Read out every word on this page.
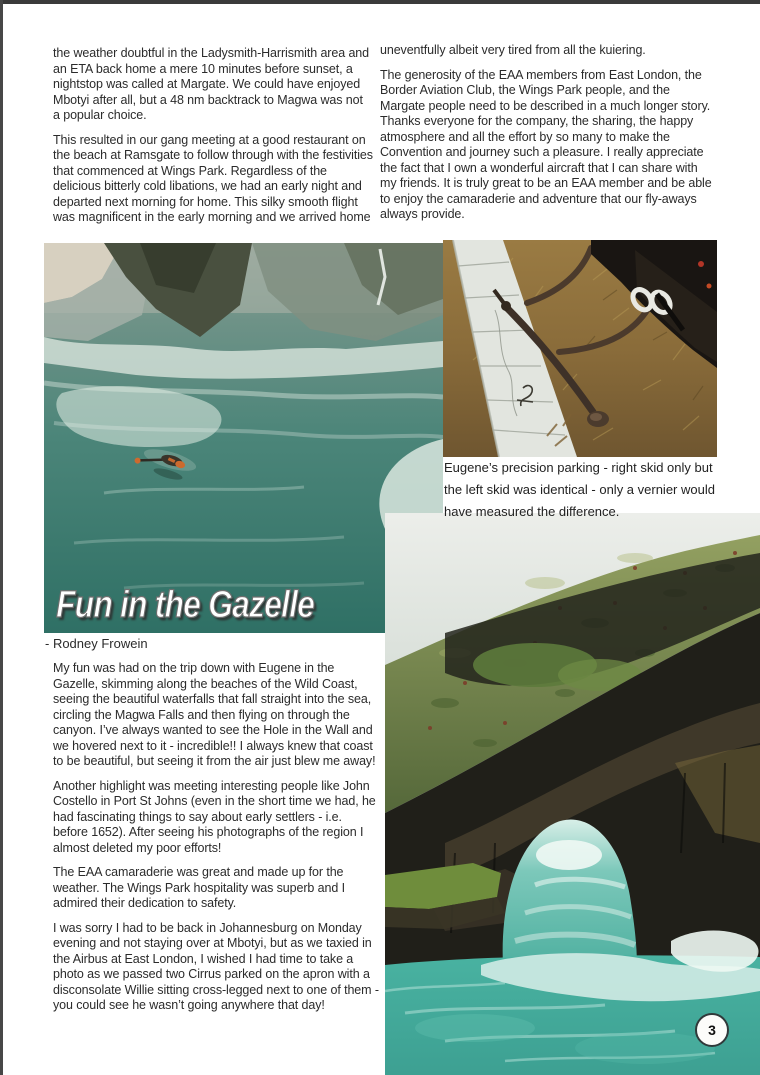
the weather doubtful in the Ladysmith-Harrismith area and an ETA back home a mere 10 minutes before sunset, a nightstop was called at Margate. We could have enjoyed Mbotyi after all, but a 48 nm backtrack to Magwa was not a popular choice.

This resulted in our gang meeting at a good restaurant on the beach at Ramsgate to follow through with the festivities that commenced at Wings Park. Regardless of the delicious bitterly cold libations, we had an early night and departed next morning for home. This silky smooth flight was magnificent in the early morning and we arrived home

uneventfully albeit very tired from all the kuiering.

The generosity of the EAA members from East London, the Border Aviation Club, the Wings Park people, and the Margate people need to be described in a much longer story. Thanks everyone for the company, the sharing, the happy atmosphere and all the effort by so many to make the Convention and journey such a pleasure. I really appreciate the fact that I own a wonderful aircraft that I can share with my friends. It is truly great to be an EAA member and be able to enjoy the camaraderie and adventure that our fly-aways always provide.

Eugene’s precision parking - right skid only but the left skid was identical - only a vernier would have measured the difference.
Fun in the Gazelle
- Rodney Frowein

My fun was had on the trip down with Eugene in the Gazelle, skimming along the beaches of the Wild Coast, seeing the beautiful waterfalls that fall straight into the sea, circling the Magwa Falls and then flying on through the canyon. I’ve always wanted to see the Hole in the Wall and we hovered next to it - incredible!! I always knew that coast to be beautiful, but seeing it from the air just blew me away!

Another highlight was meeting interesting people like John Costello in Port St Johns (even in the short time we had, he had fascinating things to say about early settlers - i.e. before 1652). After seeing his photographs of the region I almost deleted my poor efforts!

The EAA camaraderie was great and made up for the weather. The Wings Park hospitality was superb and I admired their dedication to safety.

I was sorry I had to be back in Johannesburg on Monday evening and not staying over at Mbotyi, but as we taxied in the Airbus at East London, I wished I had time to take a photo as we passed two Cirrus parked on the apron with a disconsolate Willie sitting cross-legged next to one of them - you could see he wasn’t going anywhere that day!

3
